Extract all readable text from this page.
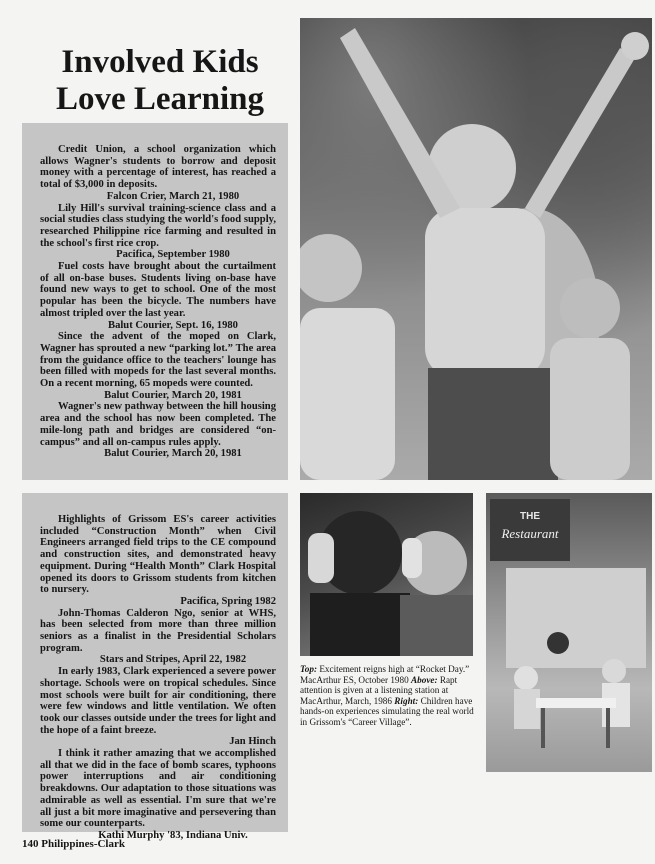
Involved Kids
Love Learning

Credit Union, a school organization which allows Wagner's students to borrow and deposit money with a percentage of interest, has reached a total of $3,000 in deposits.

Falcon Crier, March 21, 1980

Lily Hill's survival training-science class and a social studies class studying the world's food supply, researched Philippine rice farming and resulted in the school's first rice crop.

Pacifica, September 1980

Fuel costs have brought about the curtailment of all on-base buses. Students living on-base have found new ways to get to school. One of the most popular has been the bicycle. The numbers have almost tripled over the last year.

Balut Courier, Sept. 16, 1980

Since the advent of the moped on Clark, Wagner has sprouted a new “parking lot.” The area from the guidance office to the teachers' lounge has been filled with mopeds for the last several months. On a recent morning, 65 mopeds were counted.

Balut Courier, March 20, 1981

Wagner's new pathway between the hill housing area and the school has now been completed. The mile-long path and bridges are considered “on-campus” and all on-campus rules apply.

Balut Courier, March 20, 1981

Highlights of Grissom ES's career activities included “Construction Month” when Civil Engineers arranged field trips to the CE compound and construction sites, and demonstrated heavy equipment. During “Health Month” Clark Hospital opened its doors to Grissom students from kitchen to nursery.

Pacifica, Spring 1982

John-Thomas Calderon Ngo, senior at WHS, has been selected from more than three million seniors as a finalist in the Presidential Scholars program.

Stars and Stripes, April 22, 1982

In early 1983, Clark experienced a severe power shortage. Schools were on tropical schedules. Since most schools were built for air conditioning, there were few windows and little ventilation. We often took our classes outside under the trees for light and the hope of a faint breeze.

Jan Hinch

I think it rather amazing that we accomplished all that we did in the face of bomb scares, typhoons power interruptions and air conditioning breakdowns. Our adaptation to those situations was admirable as well as essential. I'm sure that we're all just a bit more imaginative and persevering than some our counterparts.

Kathi Murphy '83, Indiana Univ.

THE
Restaurant

Top: Excitement reigns high at “Rocket Day.” MacArthur ES, October 1980 Above: Rapt attention is given at a listening station at MacArthur, March, 1986 Right: Children have hands-on experiences simulating the real world in Grissom's “Career Village”.

140 Philippines-Clark
